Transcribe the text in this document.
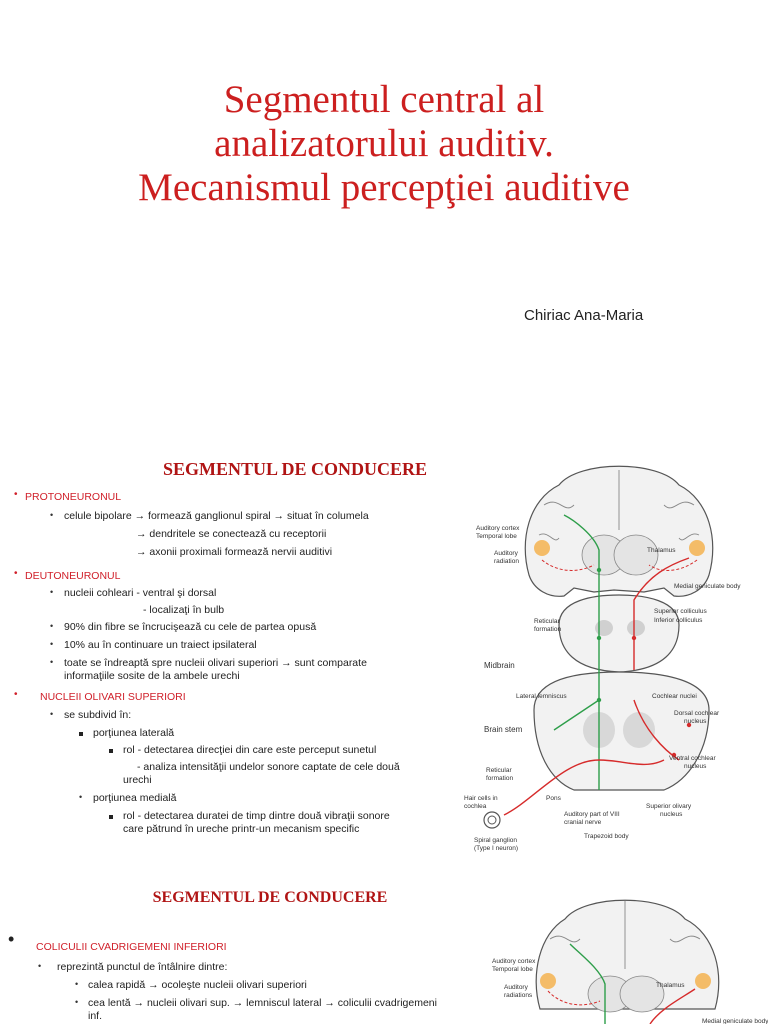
Segmentul central al
analizatorului auditiv.
Mecanismul percepţiei auditive
Chiriac Ana-Maria
SEGMENTUL DE CONDUCERE
• PROTONEURONUL
• celule bipolare → formează ganglionul spiral → situat în columela
→ dendritele se conectează cu receptorii
→ axonii proximali formează nervii auditivi
• DEUTONEURONUL
• nucleii cohleari - ventral şi dorsal
- localizaţi în bulb
• 90% din fibre se încrucişează cu cele de partea opusă
• 10% au în continuare un traiect ipsilateral
• toate se îndreaptă spre nucleii olivari superiori → sunt comparate
informaţiile sosite de la ambele urechi
• NUCLEII OLIVARI SUPERIORI
• se subdivid în:
porţiunea laterală
rol - detectarea direcţiei din care este perceput sunetul
- analiza intensităţii undelor sonore captate de cele două
urechi
• porţiunea medială
rol - detectarea duratei de timp dintre două vibraţii sonore
care pătrund în ureche printr-un mecanism specific
Auditory cortex
Temporal lobe
Auditory
radiation
Thalamus
Medial geniculate body
Superior colliculus
Inferior colliculus
Reticular
formation
Midbrain
Lateral lemniscus	Cochlear nuclei
Dorsal cochlear
nucleus
Brain stem
Ventral cochlear
nucleus
Reticular
formation
Hair cells in
cochlea
Pons
Auditory part of VIII
cranial nerve
Superior olivary
nucleus
Spiral ganglion
(Type I neuron)
Trapezoid body
SEGMENTUL DE CONDUCERE
• COLICULII CVADRIGEMENI INFERIORI
• reprezintă punctul de întâlnire dintre:
• calea rapidă → ocoleşte nucleii olivari superiori
• cea lentă → nucleii olivari sup. → lemniscul lateral → coliculii cvadrigemeni
inf.
Auditory cortex
Temporal lobe
Auditory
radiations
Thalamus
Medial geniculate body
